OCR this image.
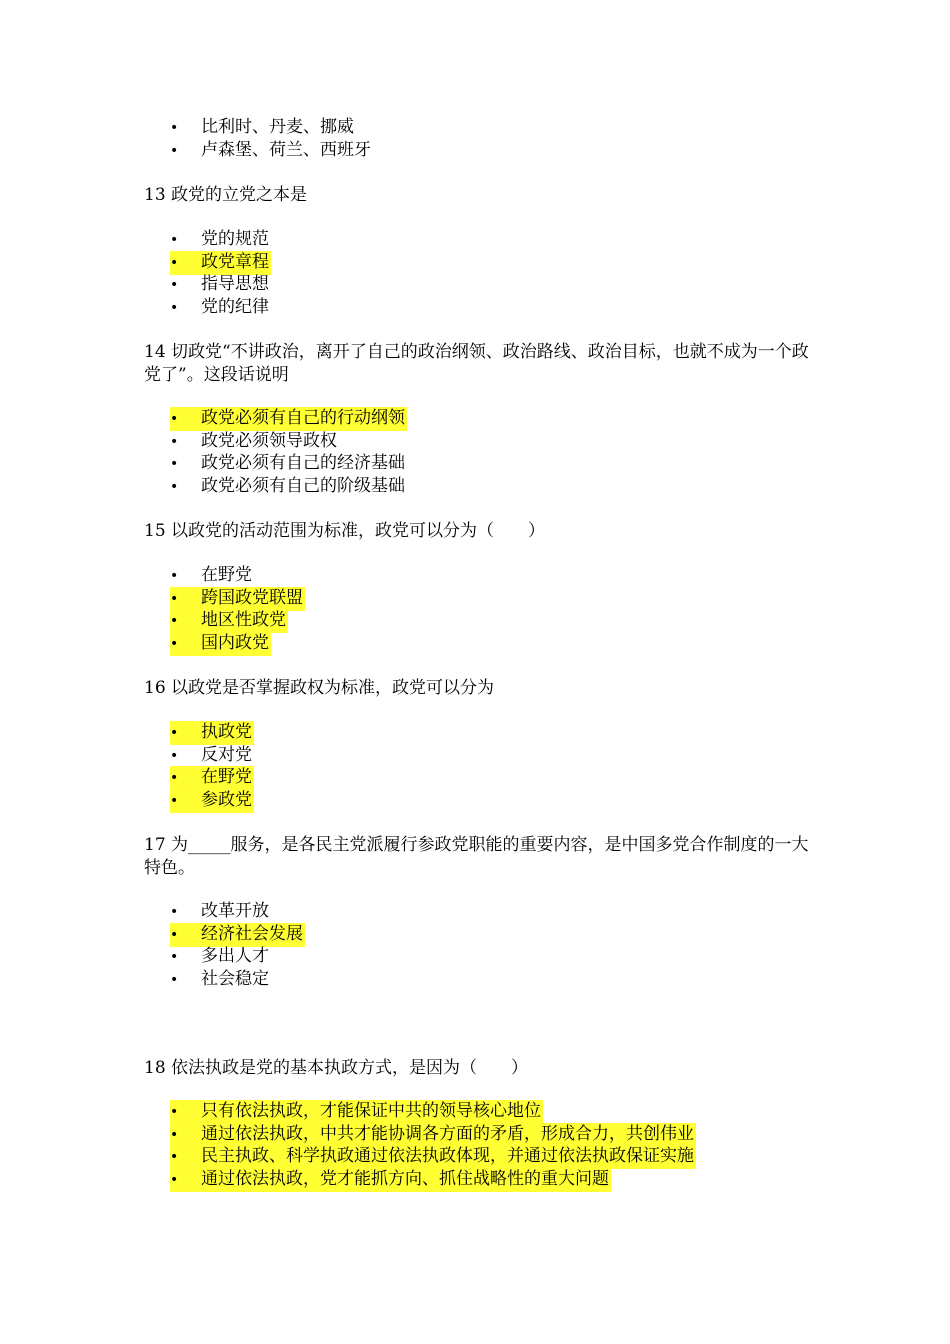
• 比利时、丹麦、挪威
• 卢森堡、荷兰、西班牙
13 政党的立党之本是
• 党的规范
• 政党章程
• 指导思想
• 党的纪律
14 切政党“不讲政治，离开了自己的政治纲领、政治路线、政治目标，也就不成为一个政党了”。这段话说明
• 政党必须有自己的行动纲领
• 政党必须领导政权
• 政党必须有自己的经济基础
• 政党必须有自己的阶级基础
15 以政党的活动范围为标准，政党可以分为（　　）
• 在野党
• 跨国政党联盟
• 地区性政党
• 国内政党
16 以政党是否掌握政权为标准，政党可以分为
• 执政党
• 反对党
• 在野党
• 参政党
17 为_____服务，是各民主党派履行参政党职能的重要内容，是中国多党合作制度的一大特色。
• 改革开放
• 经济社会发展
• 多出人才
• 社会稳定
18 依法执政是党的基本执政方式，是因为（　　）
• 只有依法执政，才能保证中共的领导核心地位
• 通过依法执政，中共才能协调各方面的矛盾，形成合力，共创伟业
• 民主执政、科学执政通过依法执政体现，并通过依法执政保证实施
• 通过依法执政，党才能抓方向、抓住战略性的重大问题
